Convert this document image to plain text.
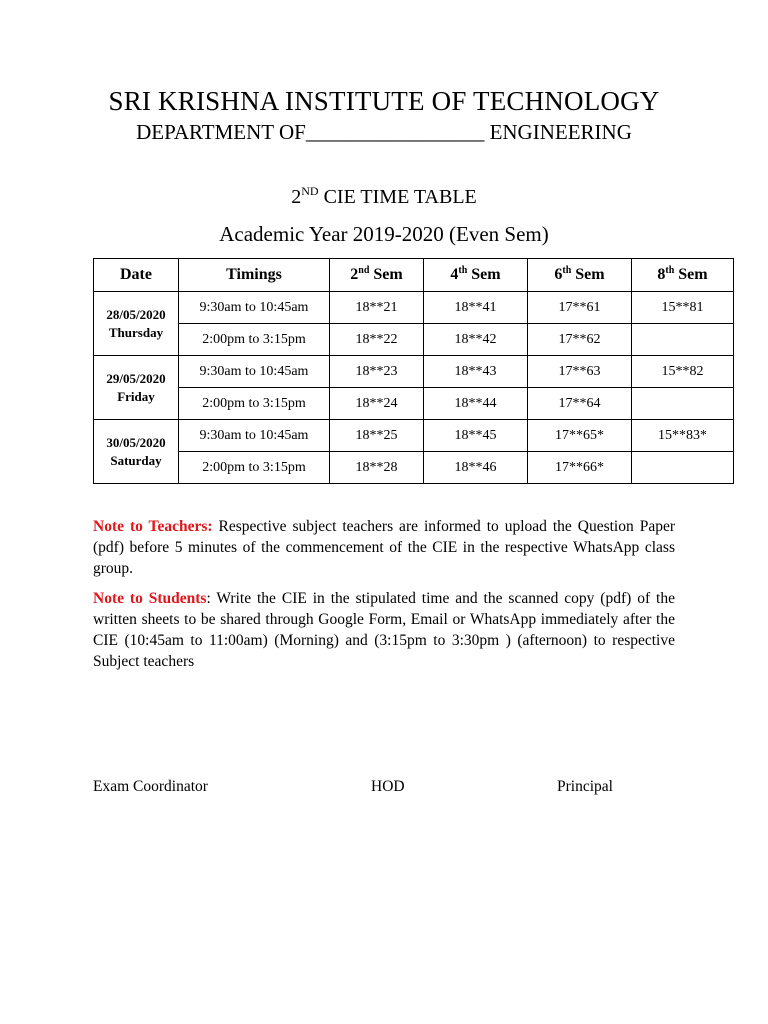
SRI KRISHNA INSTITUTE OF TECHNOLOGY
DEPARTMENT OF_________________ ENGINEERING
2ND CIE TIME TABLE
Academic Year 2019-2020 (Even Sem)
Date	Timings	2nd Sem	4th Sem	6th Sem	8th Sem

28/05/2020
Thursday	9:30am to 10:45am	18**21	18**41	17**61	15**81
	2:00pm to 3:15pm	18**22	18**42	17**62	

29/05/2020
Friday	9:30am to 10:45am	18**23	18**43	17**63	15**82
	2:00pm to 3:15pm	18**24	18**44	17**64	

30/05/2020
Saturday	9:30am to 10:45am	18**25	18**45	17**65*	15**83*
	2:00pm to 3:15pm	18**28	18**46	17**66*	

Note to Teachers: Respective subject teachers are informed to upload the Question Paper (pdf) before 5 minutes of the commencement of the CIE in the respective WhatsApp class group.

Note to Students: Write the CIE in the stipulated time and the scanned copy (pdf) of the written sheets to be shared through Google Form, Email or WhatsApp immediately after the CIE (10:45am to 11:00am) (Morning) and (3:15pm to 3:30pm ) (afternoon) to respective Subject teachers

Exam Coordinator	HOD	Principal
